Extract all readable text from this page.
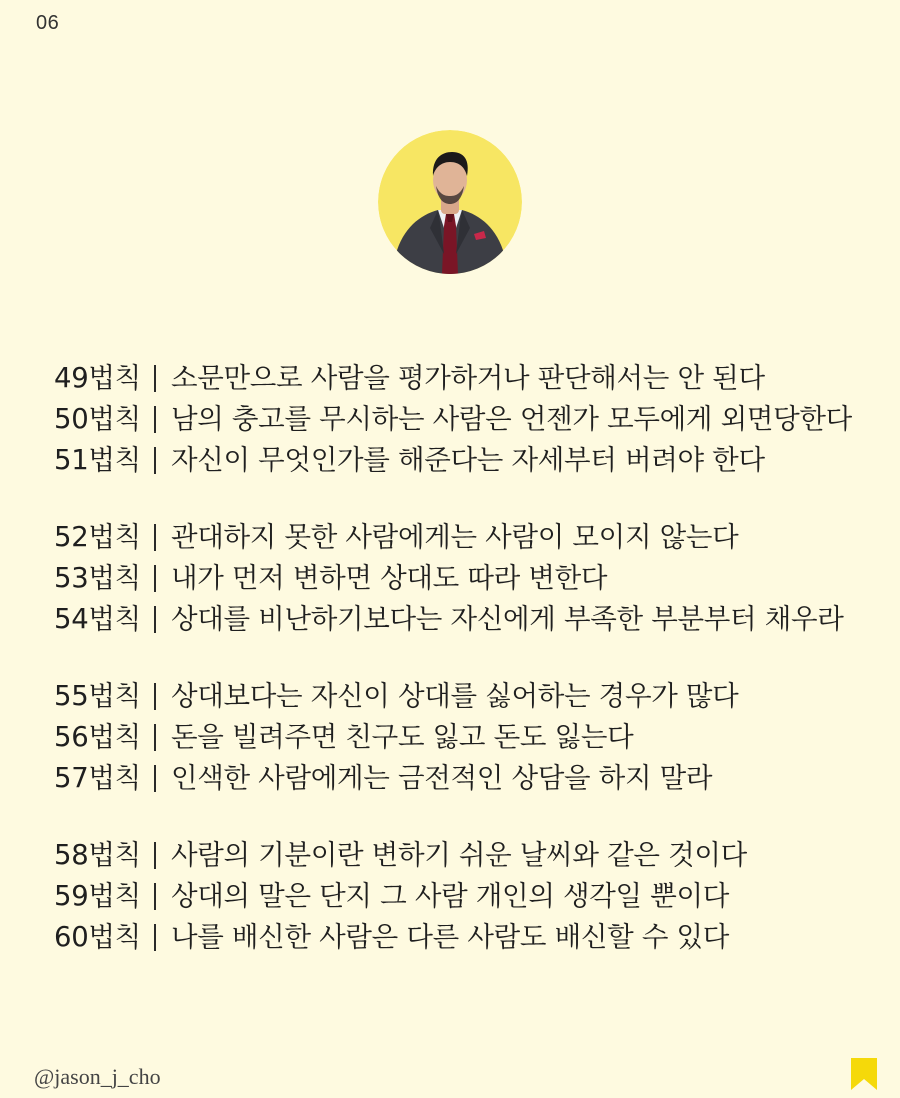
06
49법칙 소문만으로 사람을 평가하거나 판단해서는 안 된다
50법칙 남의 충고를 무시하는 사람은 언젠가 모두에게 외면당한다
51법칙 자신이 무엇인가를 해준다는 자세부터 버려야 한다
52법칙 관대하지 못한 사람에게는 사람이 모이지 않는다
53법칙 내가 먼저 변하면 상대도 따라 변한다
54법칙 상대를 비난하기보다는 자신에게 부족한 부분부터 채우라
55법칙 상대보다는 자신이 상대를 싫어하는 경우가 많다
56법칙 돈을 빌려주면 친구도 잃고 돈도 잃는다
57법칙 인색한 사람에게는 금전적인 상담을 하지 말라
58법칙 사람의 기분이란 변하기 쉬운 날씨와 같은 것이다
59법칙 상대의 말은 단지 그 사람 개인의 생각일 뿐이다
60법칙 나를 배신한 사람은 다른 사람도 배신할 수 있다
@jason_j_cho
